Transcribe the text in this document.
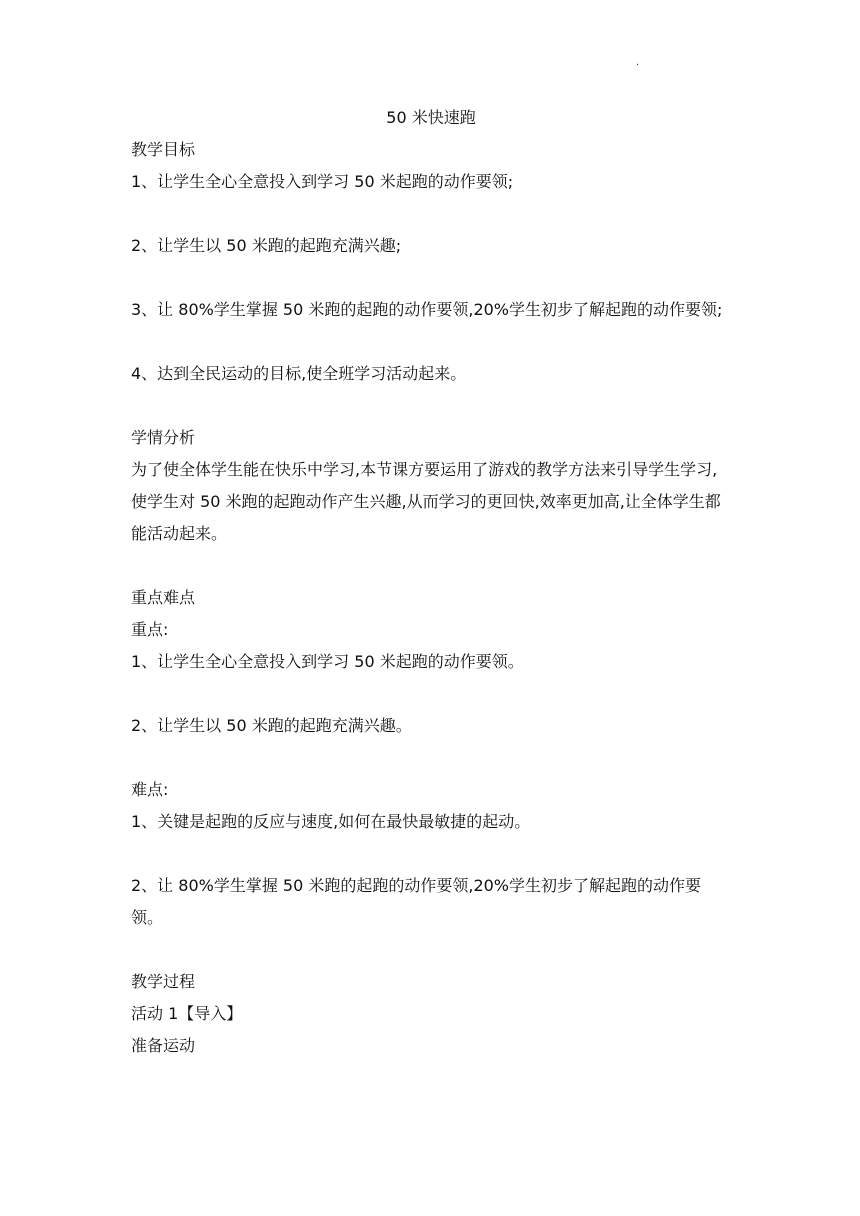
.

50 米快速跑

教学目标

1、让学生全心全意投入到学习 50 米起跑的动作要领;

2、让学生以 50 米跑的起跑充满兴趣;

3、让 80%学生掌握 50 米跑的起跑的动作要领,20%学生初步了解起跑的动作要领;

4、达到全民运动的目标,使全班学习活动起来。

学情分析

为了使全体学生能在快乐中学习,本节课方要运用了游戏的教学方法来引导学生学习,使学生对 50 米跑的起跑动作产生兴趣,从而学习的更回快,效率更加高,让全体学生都能活动起来。

重点难点

重点:

1、让学生全心全意投入到学习 50 米起跑的动作要领。

2、让学生以 50 米跑的起跑充满兴趣。

难点:

1、关键是起跑的反应与速度,如何在最快最敏捷的起动。

2、让 80%学生掌握 50 米跑的起跑的动作要领,20%学生初步了解起跑的动作要领。

教学过程

活动 1【导入】

准备运动
